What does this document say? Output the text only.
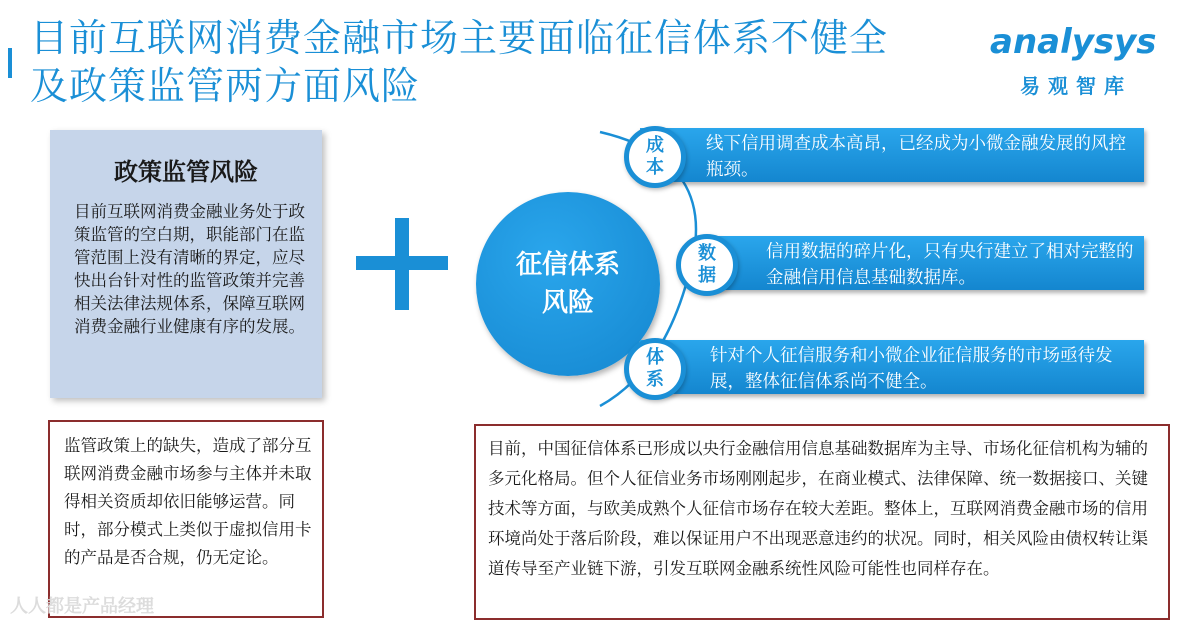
目前互联网消费金融市场主要面临征信体系不健全
及政策监管两方面风险
analysys
易观智库
政策监管风险
目前互联网消费金融业务处于政策监管的空白期，职能部门在监管范围上没有清晰的界定，应尽快出台针对性的监管政策并完善相关法律法规体系，保障互联网消费金融行业健康有序的发展。
征信体系风险
线下信用调查成本高昂，已经成为小微金融发展的风控瓶颈。
成本
信用数据的碎片化，只有央行建立了相对完整的金融信用信息基础数据库。
数据
针对个人征信服务和小微企业征信服务的市场亟待发展，整体征信体系尚不健全。
体系
监管政策上的缺失，造成了部分互联网消费金融市场参与主体并未取得相关资质却依旧能够运营。同时，部分模式上类似于虚拟信用卡的产品是否合规，仍无定论。
目前，中国征信体系已形成以央行金融信用信息基础数据库为主导、市场化征信机构为辅的多元化格局。但个人征信业务市场刚刚起步，在商业模式、法律保障、统一数据接口、关键技术等方面，与欧美成熟个人征信市场存在较大差距。整体上，互联网消费金融市场的信用环境尚处于落后阶段，难以保证用户不出现恶意违约的状况。同时，相关风险由债权转让渠道传导至产业链下游，引发互联网金融系统性风险可能性也同样存在。
人人都是产品经理
